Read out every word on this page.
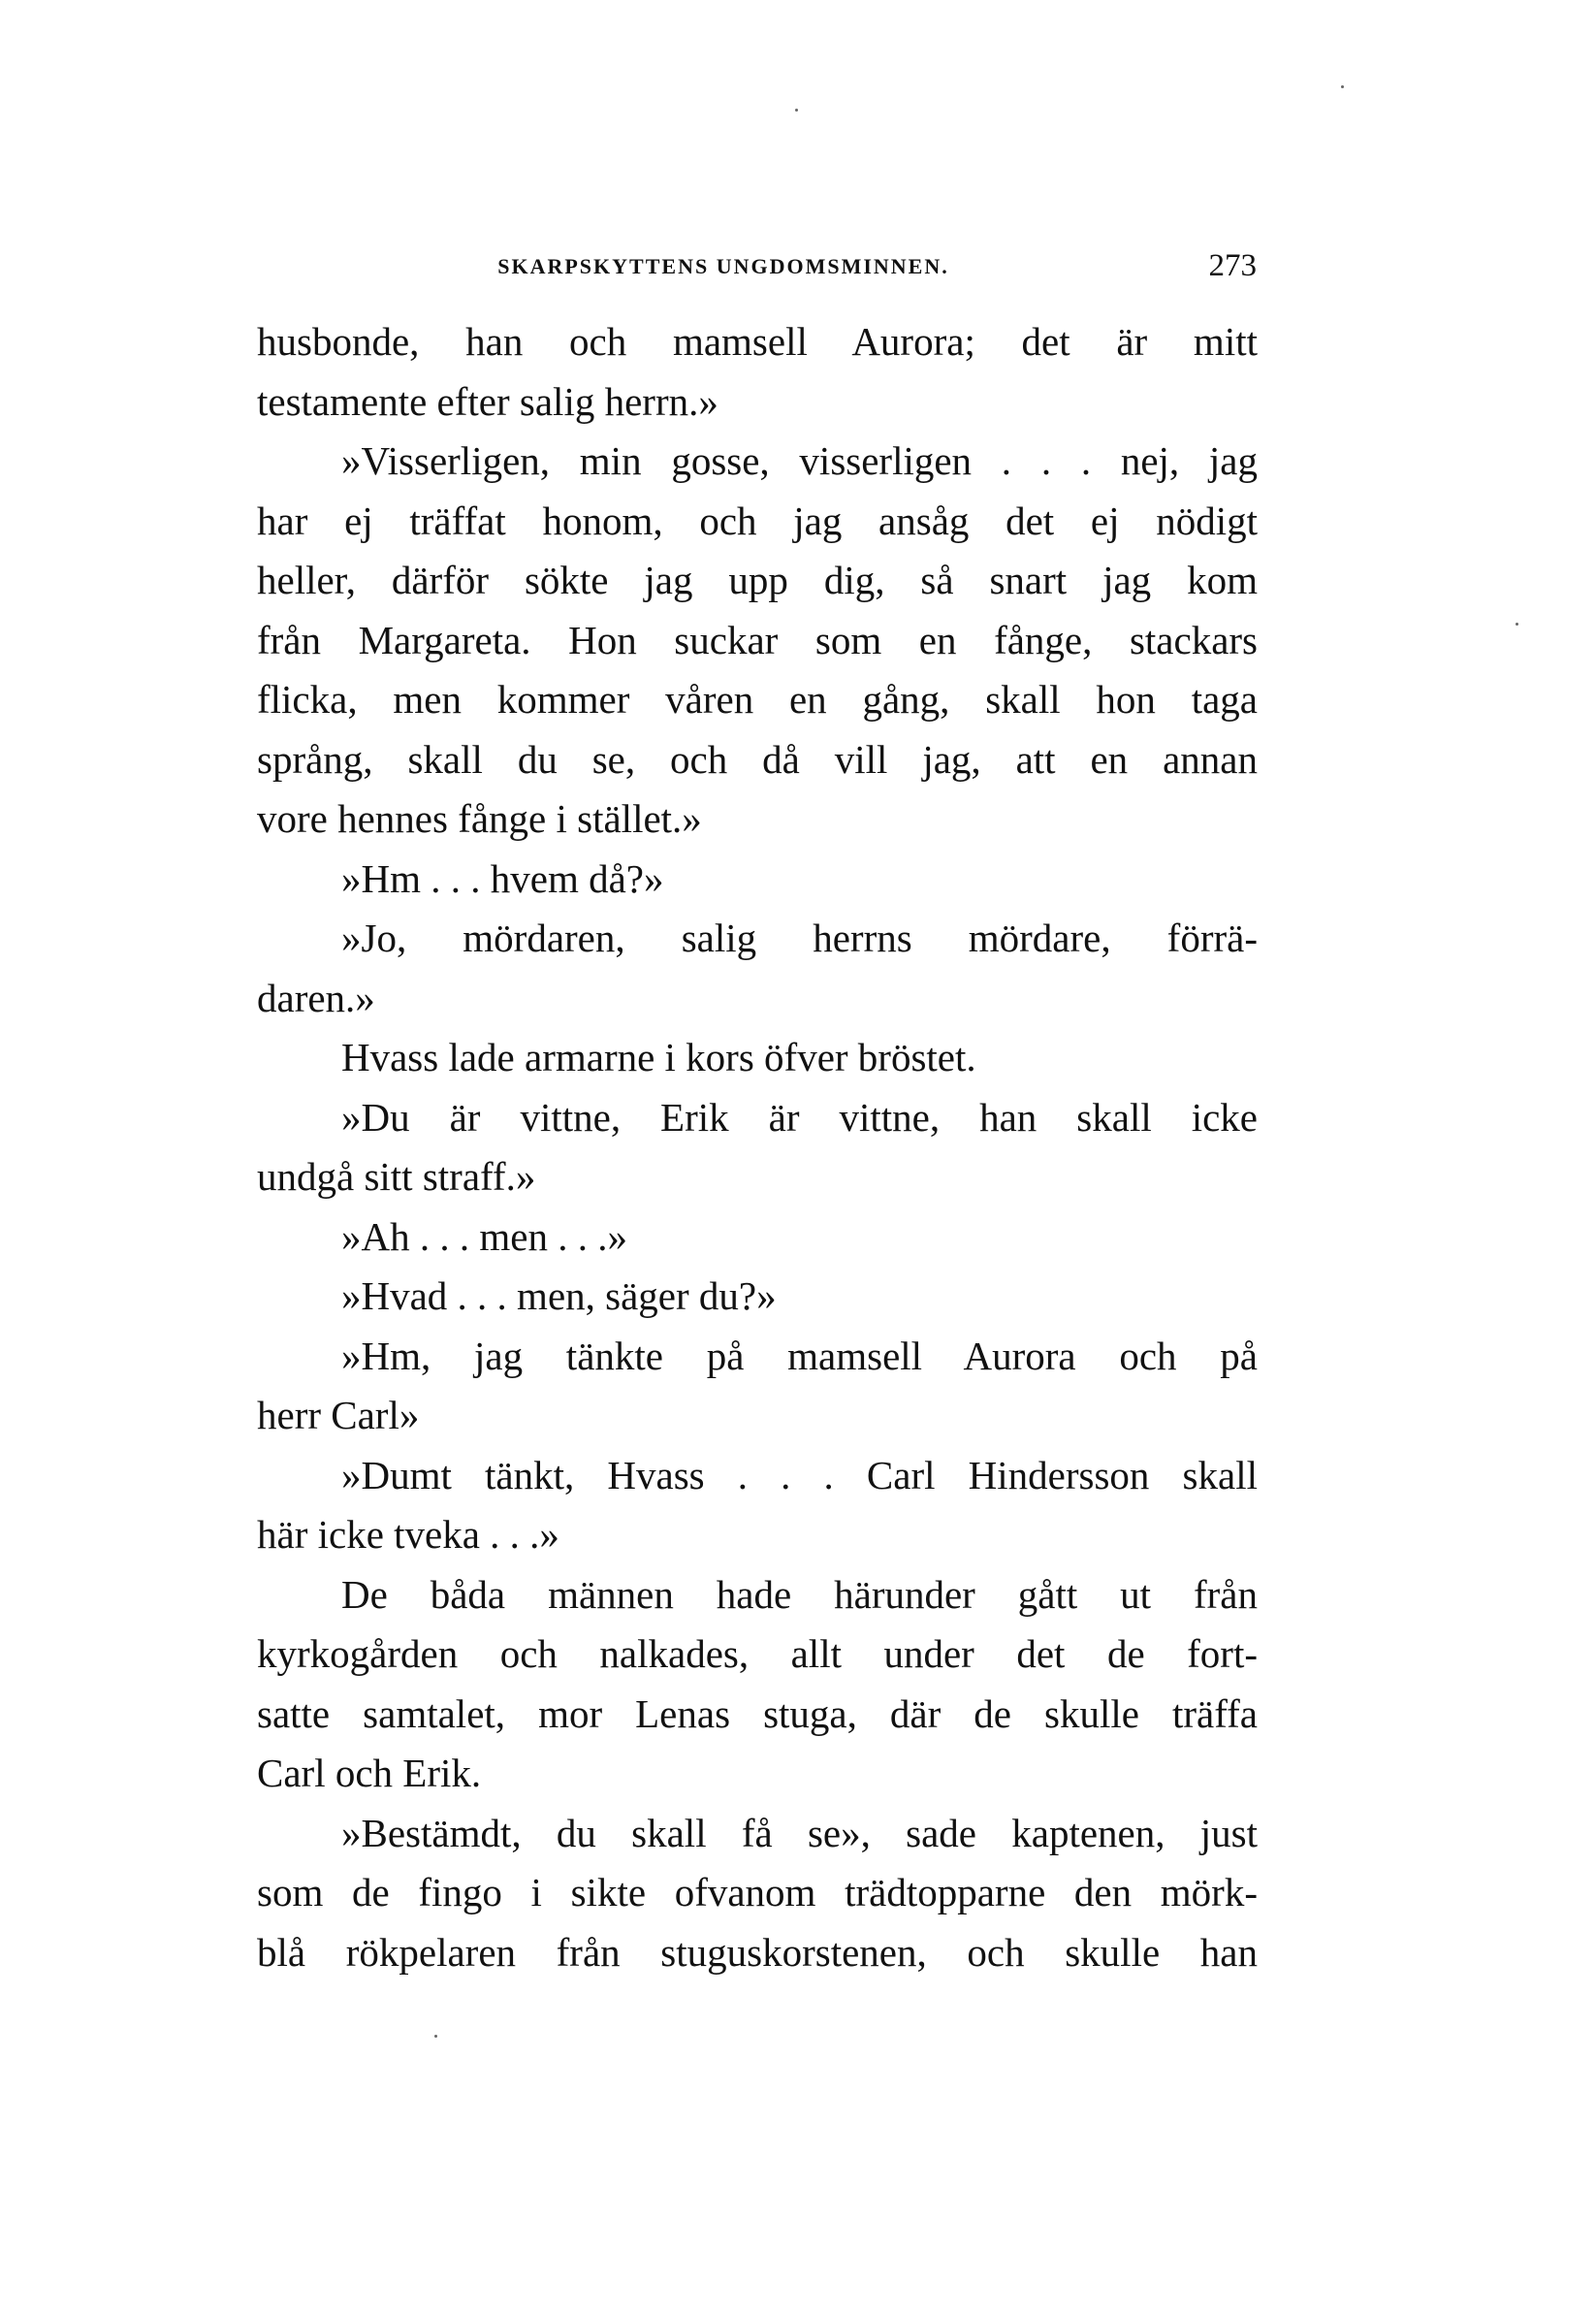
SKARPSKYTTENS UNGDOMSMINNEN.	273
husbonde, han och mamsell Aurora; det är mitt
testamente efter salig herrn.»
»Visserligen, min gosse, visserligen . . . nej, jag
har ej träffat honom, och jag ansåg det ej nödigt
heller, därför sökte jag upp dig, så snart jag kom
från Margareta. Hon suckar som en fånge, stackars
flicka, men kommer våren en gång, skall hon taga
språng, skall du se, och då vill jag, att en annan
vore hennes fånge i stället.»
»Hm . . . hvem då?»
»Jo, mördaren, salig herrns mördare, förrä-
daren.»
Hvass lade armarne i kors öfver bröstet.
»Du är vittne, Erik är vittne, han skall icke
undgå sitt straff.»
»Ah . . . men . . .»
»Hvad . . . men, säger du?»
»Hm, jag tänkte på mamsell Aurora och på
herr Carl»
»Dumt tänkt, Hvass . . . Carl Hindersson skall
här icke tveka . . .»
De båda männen hade härunder gått ut från
kyrkogården och nalkades, allt under det de fort-
satte samtalet, mor Lenas stuga, där de skulle träffa
Carl och Erik.
»Bestämdt, du skall få se», sade kaptenen, just
som de fingo i sikte ofvanom trädtopparne den mörk-
blå rökpelaren från stuguskorstenen, och skulle han
